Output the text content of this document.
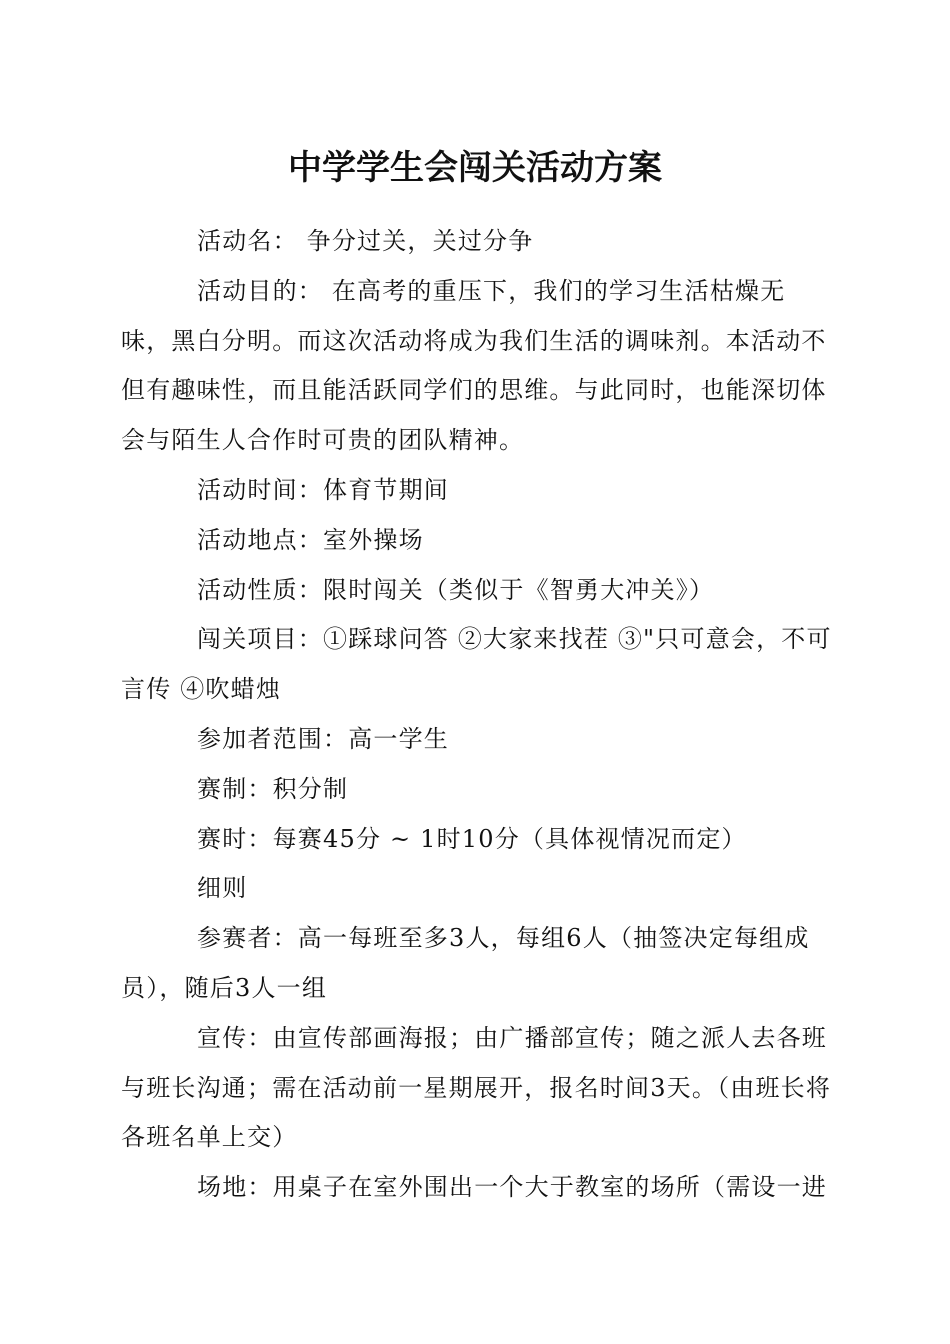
中学学生会闯关活动方案

活动名： 争分过关，关过分争

活动目的： 在高考的重压下，我们的学习生活枯燥无味，黑白分明。而这次活动将成为我们生活的调味剂。本活动不但有趣味性，而且能活跃同学们的思维。与此同时，也能深切体会与陌生人合作时可贵的团队精神。

活动时间：体育节期间

活动地点：室外操场

活动性质：限时闯关（类似于《智勇大冲关》）

闯关项目：①踩球问答 ②大家来找茬 ③"只可意会，不可言传 ④吹蜡烛

参加者范围：高一学生

赛制：积分制

赛时：每赛45分 ~ 1时10分（具体视情况而定）

细则

参赛者：高一每班至多3人，每组6人（抽签决定每组成员），随后3人一组

宣传：由宣传部画海报；由广播部宣传；随之派人去各班与班长沟通；需在活动前一星期展开，报名时间3天。（由班长将各班名单上交）

场地：用桌子在室外围出一个大于教室的场所（需设一进
